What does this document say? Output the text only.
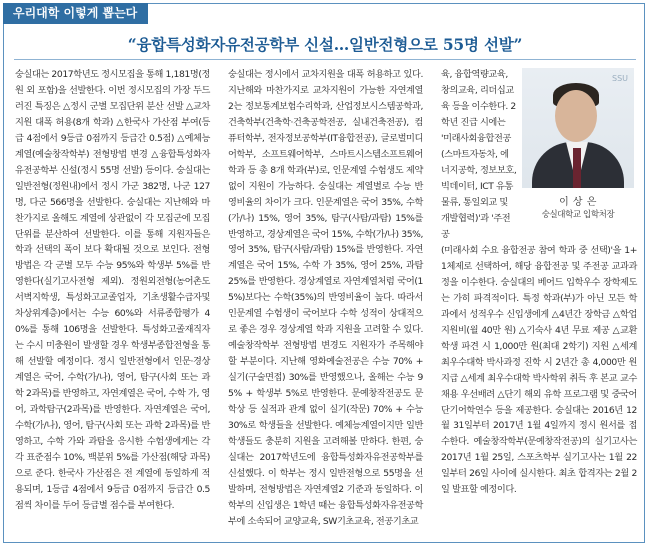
우리대학 이렇게 뽑는다
“융합특성화자유전공학부 신설…일반전형으로 55명 선발”

숭실대는 2017학년도 정시모집을 통해 1,181명(정원 외 포함)을 선발한다. 이번 정시모집의 가장 두드러진 특징은 △정시 군별 모집단위 분산 선발 △교차지원 대폭 허용(8개 학과) △한국사 가산점 부여(등급 4점에서 9등급 0점까지 등급간 0.5점) △예체능계열(예술창작학부) 전형방법 변경 △융합특성화자유전공학부 신설(정시 55명 선발) 등이다. 숭실대는 일반전형(정원내)에서 정시 가군 382명, 나군 127명, 다군 566명을 선발한다. 숭실대는 지난해와 마찬가지로 올해도 계열에 상관없이 각 모집군에 모집단위를 분산하여 선발한다. 이를 통해 지원자들은 학과 선택의 폭이 보다 확대될 것으로 보인다. 전형방법은 각 군별 모두 수능 95%와 학생부 5%를 반영한다(실기고사전형 제외). 정원외전형(농어촌도서벽지학생, 특성화고교졸업자, 기초생활수급자및차상위계층)에서는 수능 60%와 서류종합평가 40%를 통해 106명을 선발한다. 특성화고졸재직자는 수시 미충원이 발생할 경우 학생부종합전형을 통해 선발할 예정이다. 정시 일반전형에서 인문·경상계열은 국어, 수학(가/나), 영어, 탐구(사회 또는 과학 2과목)를 반영하고, 자연계열은 국어, 수학 가, 영어, 과학탐구(2과목)를 반영한다. 자연계열은 국어, 수학(가/나), 영어, 탐구(사회 또는 과학 2과목)를 반영하고, 수학 가와 과탐을 응시한 수험생에게는 각각 표준점수 10%, 백분위 5%를 가산점(해당 과목)으로 준다. 한국사 가산점은 전 계열에 동일하게 적용되며, 1등급 4점에서 9등급 0점까지 등급간 0.5점씩 차이를 두어 등급별 점수를 부여한다.

숭실대는 정시에서 교차지원을 대폭 허용하고 있다. 지난해와 마찬가지로 교차지원이 가능한 자연계열 2는 정보통계보험수리학과, 산업정보시스템공학과, 건축학부(건축학·건축공학전공, 실내건축전공), 컴퓨터학부, 전자정보공학부(IT융합전공), 글로벌미디어학부, 소프트웨어학부, 스마트시스템소프트웨어학과 등 총 8개 학과(부)로, 인문계열 수험생도 제약 없이 지원이 가능하다. 숭실대는 계열별로 수능 반영비율의 차이가 크다. 인문계열은 국어 35%, 수학(가/나) 15%, 영어 35%, 탐구(사탐/과탐) 15%를 반영하고, 경상계열은 국어 15%, 수학(가/나) 35%, 영어 35%, 탐구(사탐/과탐) 15%를 반영한다. 자연계열은 국어 15%, 수학 가 35%, 영어 25%, 과탐 25%를 반영한다. 경상계열로 자연계열처럼 국어(15%)보다는 수학(35%)의 반영비율이 높다. 따라서 인문계열 수험생이 국어보다 수학 성적이 상대적으로 좋은 경우 경상계열 학과 지원을 고려할 수 있다. 예술창작학부 전형방법 변경도 지원자가 주목해야 할 부분이다. 지난해 영화예술전공은 수능 70% + 실기(구술면접) 30%를 반영했으나, 올해는 수능 95% + 학생부 5%로 반영한다. 문예창작전공도 문학상 등 실적과 관계 없이 실기(작문) 70% + 수능 30%로 학생들을 선발한다. 예체능계열이지만 일반 학생들도 충분히 지원을 고려해볼 만하다. 한편, 숭실대는 2017학년도에 융합특성화자유전공학부를 신설했다. 이 학부는 정시 일반전형으로 55명을 선발하며, 전형방법은 자연계열2 기준과 동일하다. 이 학부의 신입생은 1학년 때는 융합특성화자유전공학부에 소속되어 교양교육, SW기초교육, 전공기초교

육, 융합역량교육, 창의교육, 리더십교육 등을 이수한다. 2학년 진급 시에는 '미래사회융합전공(스마트자동차, 에너지공학, 정보보호, 빅데이터, ICT 유통물류, 통일외교 및 개발협력)'과 '주전공

SSU
이 상 은
숭실대학교 입학처장

(미래사회 수요 융합전공 참여 학과 중 선택)'을 1+1체제로 선택하여, 해당 융합전공 및 주전공 교과과정을 이수한다. 숭실대의 베어드 입학우수 장학제도는 가히 파격적이다. 특정 학과(부)가 아닌 모든 학과에서 성적우수 신입생에게 △4년간 장학금 △학업지원비(월 40만 원) △기숙사 4년 무료 제공 △교환학생 파견 시 1,000만 원(최대 2학기) 지원 △세계 최우수대학 박사과정 진학 시 2년간 총 4,000만 원 지급 △세계 최우수대학 박사학위 취득 후 본교 교수채용 우선배려 △단기 해외 유학 프로그램 및 중국어 단기어학연수 등을 제공한다. 숭실대는 2016년 12월 31일부터 2017년 1월 4일까지 정시 원서를 접수한다. 예술창작학부(문예창작전공)의 실기고사는 2017년 1월 25일, 스포츠학부 실기고사는 1월 22일부터 26일 사이에 실시한다. 최초 합격자는 2월 2일 발표할 예정이다.
